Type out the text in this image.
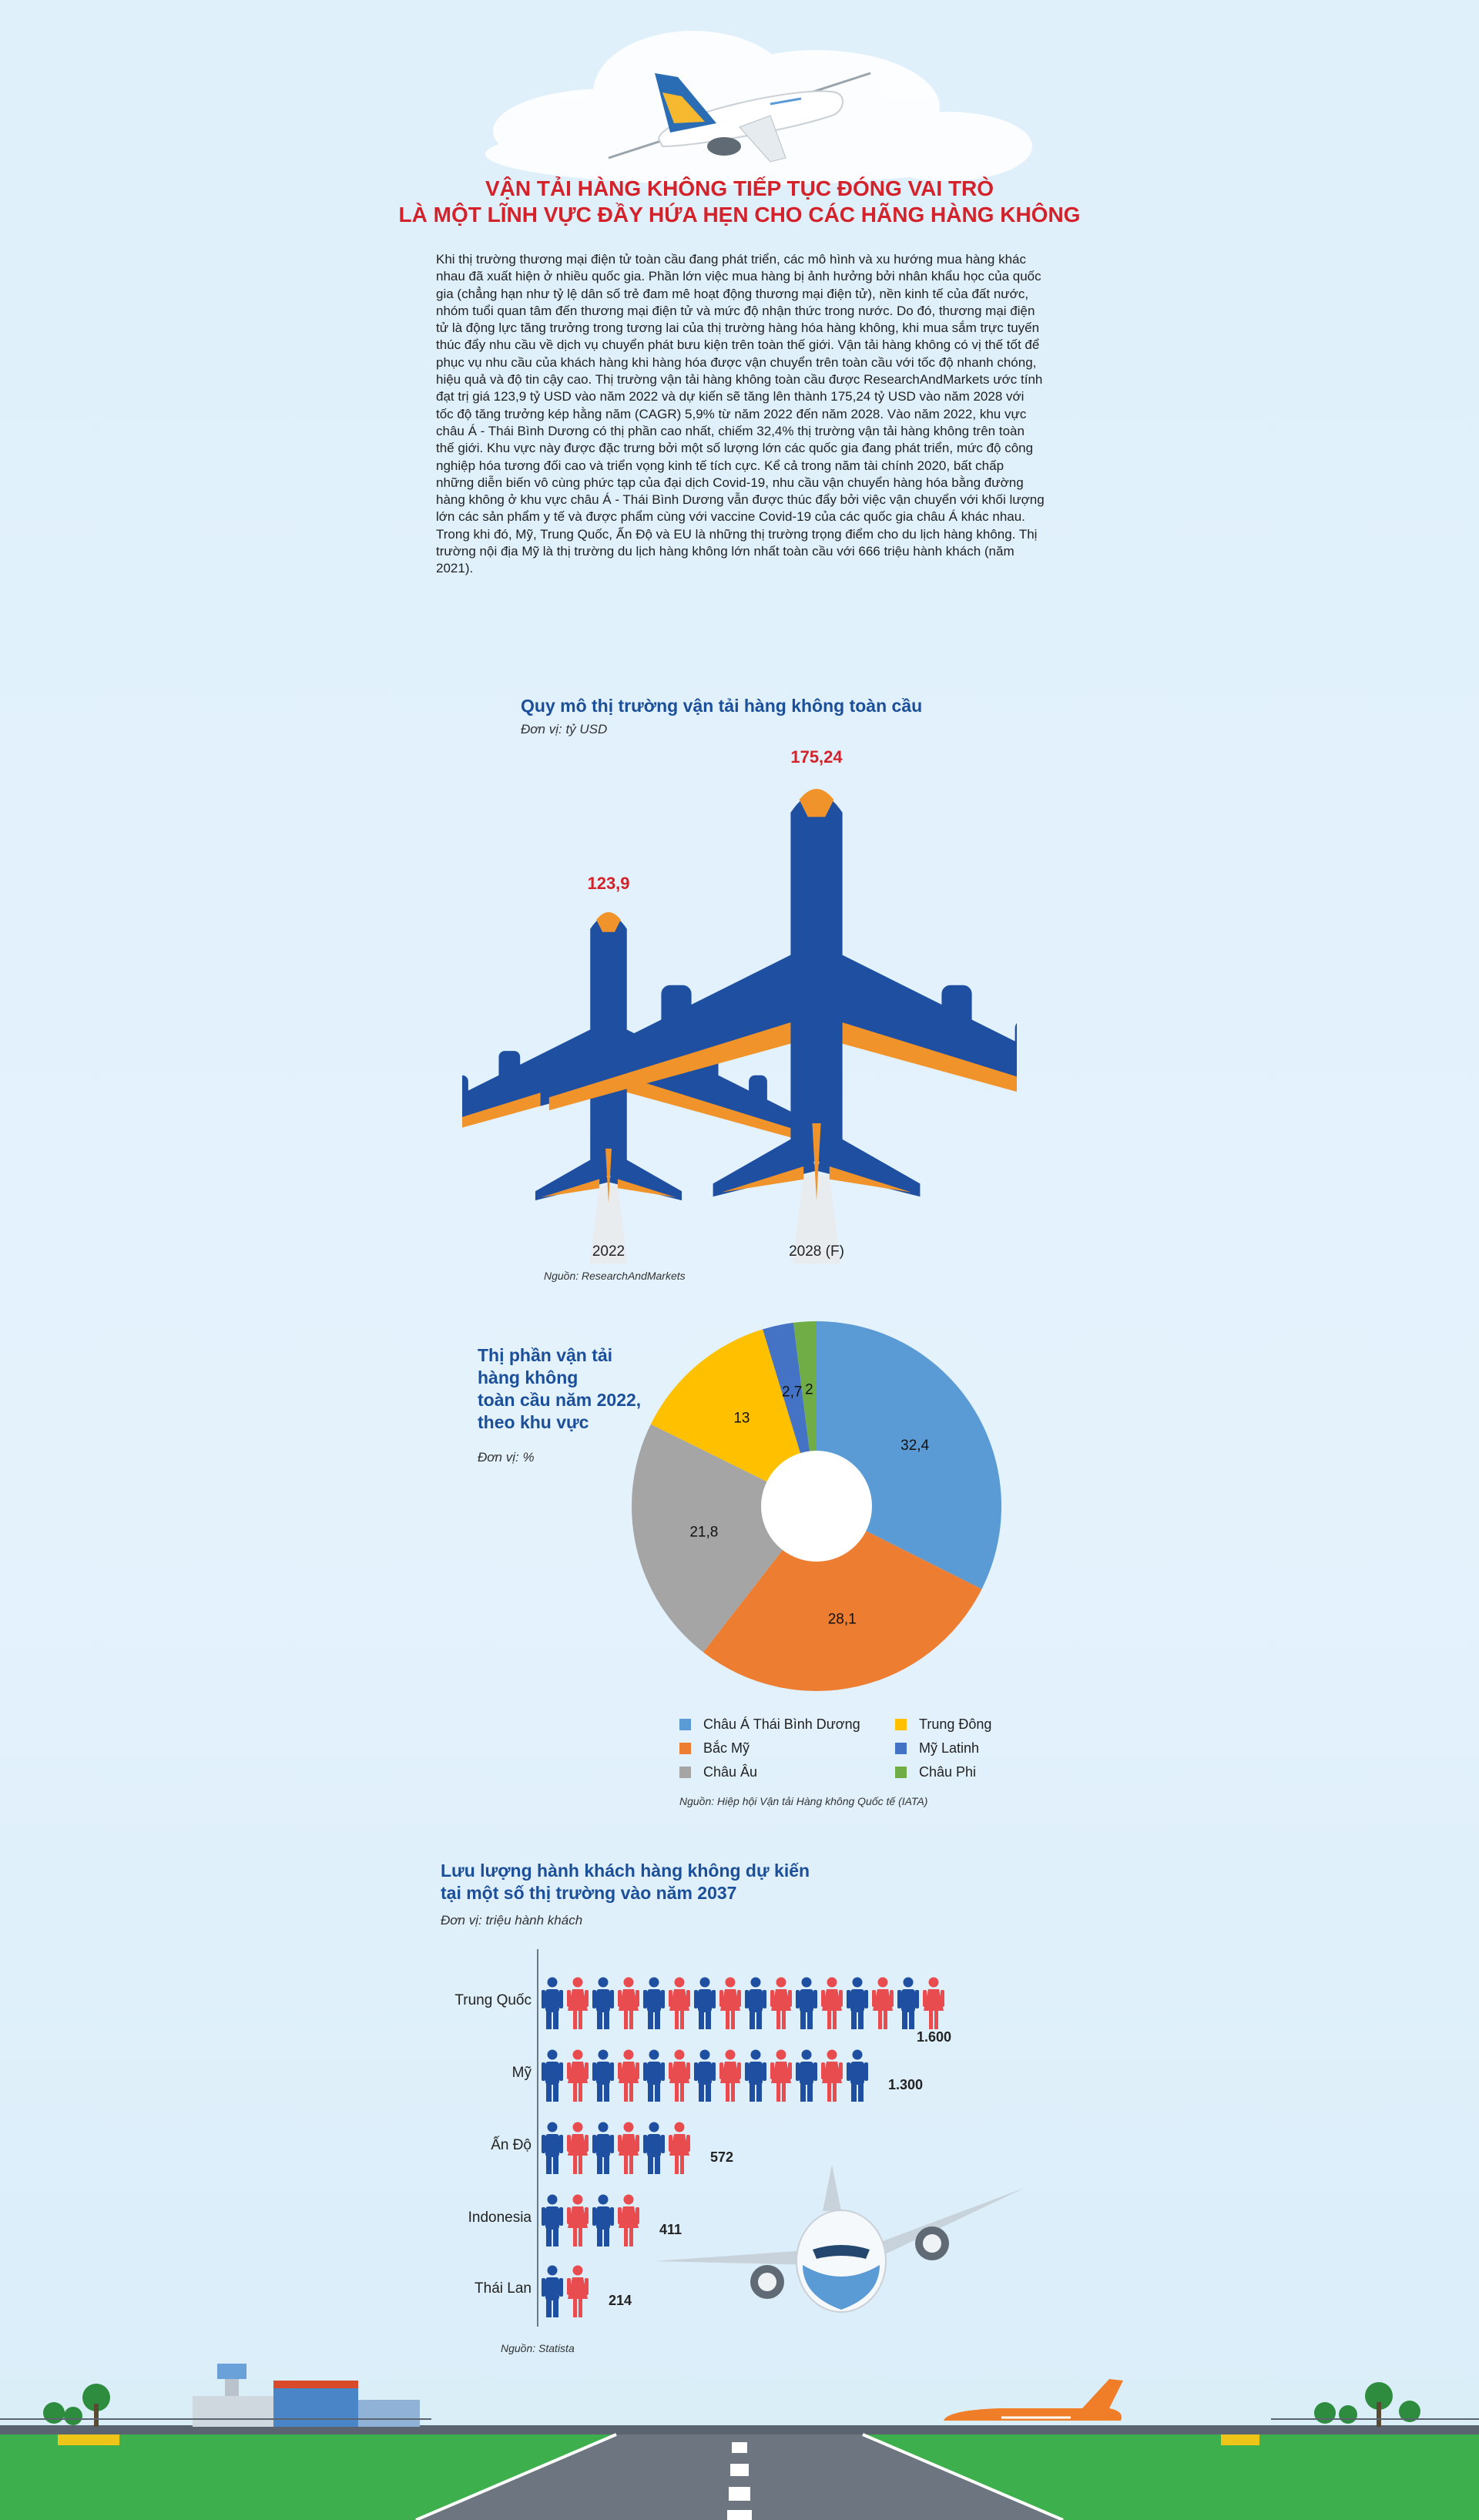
VẬN TẢI HÀNG KHÔNG TIẾP TỤC ĐÓNG VAI TRÒ
LÀ MỘT LĨNH VỰC ĐẦY HỨA HẸN CHO CÁC HÃNG HÀNG KHÔNG
Khi thị trường thương mại điện tử toàn cầu đang phát triển, các mô hình và xu hướng mua hàng khác nhau đã xuất hiện ở nhiều quốc gia. Phần lớn việc mua hàng bị ảnh hưởng bởi nhân khẩu học của quốc gia (chẳng hạn như tỷ lệ dân số trẻ đam mê hoạt động thương mại điện tử), nền kinh tế của đất nước, nhóm tuổi quan tâm đến thương mại điện tử và mức độ nhận thức trong nước. Do đó, thương mại điện tử là động lực tăng trưởng trong tương lai của thị trường hàng hóa hàng không, khi mua sắm trực tuyến thúc đẩy nhu cầu về dịch vụ chuyển phát bưu kiện trên toàn thế giới. Vận tải hàng không có vị thế tốt để phục vụ nhu cầu của khách hàng khi hàng hóa được vận chuyển trên toàn cầu với tốc độ nhanh chóng, hiệu quả và độ tin cậy cao. Thị trường vận tải hàng không toàn cầu được ResearchAndMarkets ước tính đạt trị giá 123,9 tỷ USD vào năm 2022 và dự kiến sẽ tăng lên thành 175,24 tỷ USD vào năm 2028 với tốc độ tăng trưởng kép hằng năm (CAGR) 5,9% từ năm 2022 đến năm 2028. Vào năm 2022, khu vực châu Á - Thái Bình Dương có thị phần cao nhất, chiếm 32,4% thị trường vận tải hàng không trên toàn thế giới. Khu vực này được đặc trưng bởi một số lượng lớn các quốc gia đang phát triển, mức độ công nghiệp hóa tương đối cao và triển vọng kinh tế tích cực. Kể cả trong năm tài chính 2020, bất chấp những diễn biến vô cùng phức tạp của đại dịch Covid-19, nhu cầu vận chuyển hàng hóa bằng đường hàng không ở khu vực châu Á - Thái Bình Dương vẫn được thúc đẩy bởi việc vận chuyển với khối lượng lớn các sản phẩm y tế và được phẩm cùng với vaccine Covid-19 của các quốc gia châu Á khác nhau. Trong khi đó, Mỹ, Trung Quốc, Ấn Độ và EU là những thị trường trọng điểm cho du lịch hàng không. Thị trường nội địa Mỹ là thị trường du lịch hàng không lớn nhất toàn cầu với 666 triệu hành khách (năm 2021).
Quy mô thị trường vận tải hàng không toàn cầu
Đơn vị: tỷ USD
123,9
2022
175,24
2028 (F)
Nguồn: ResearchAndMarkets
Thị phần vận tải
hàng không
toàn cầu năm 2022,
theo khu vực
Đơn vị: %
32,4
28,1
21,8
13
2,7 2
Châu Á Thái Bình Dương	Trung Đông
Bắc Mỹ	Mỹ Latinh
Châu Âu	Châu Phi
Nguồn: Hiệp hội Vận tải Hàng không Quốc tế (IATA)
Lưu lượng hành khách hàng không dự kiến
tại một số thị trường vào năm 2037
Đơn vị: triệu hành khách
Trung Quốc
1.600
Mỹ
1.300
Ấn Độ
572
Indonesia
411
Thái Lan
214
Nguồn: Statista
